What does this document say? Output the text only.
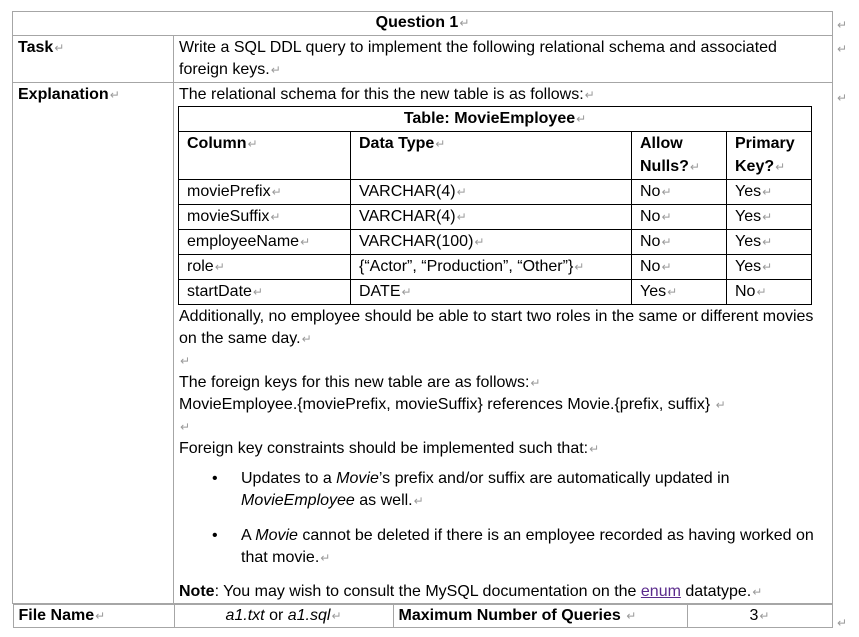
Question 1↵
Task↵	Write a SQL DDL query to implement the following relational schema and associated foreign keys.↵
Explanation↵	The relational schema for this the new table is as follows:↵

Table: MovieEmployee↵
Column↵	Data Type↵	Allow Nulls?↵	Primary Key?↵
moviePrefix↵	VARCHAR(4)↵	No↵	Yes↵
movieSuffix↵	VARCHAR(4)↵	No↵	Yes↵
employeeName↵	VARCHAR(100)↵	No↵	Yes↵
role↵	{“Actor”, “Production”, “Other”}↵	No↵	Yes↵
startDate↵	DATE↵	Yes↵	No↵

Additionally, no employee should be able to start two roles in the same or different movies on the same day.↵

↵

The foreign keys for this new table are as follows:↵

MovieEmployee.{moviePrefix, movieSuffix} references Movie.{prefix, suffix} ↵

↵

Foreign key constraints should be implemented such that:↵

• Updates to a Movie’s prefix and/or suffix are automatically updated in MovieEmployee as well.↵
• A Movie cannot be deleted if there is an employee recorded as having worked on that movie.↵

Note: You may wish to consult the MySQL documentation on the enum datatype.↵

File Name↵	a1.txt or a1.sql↵	Maximum Number of Queries ↵	3↵
↵
↵
↵
↵
